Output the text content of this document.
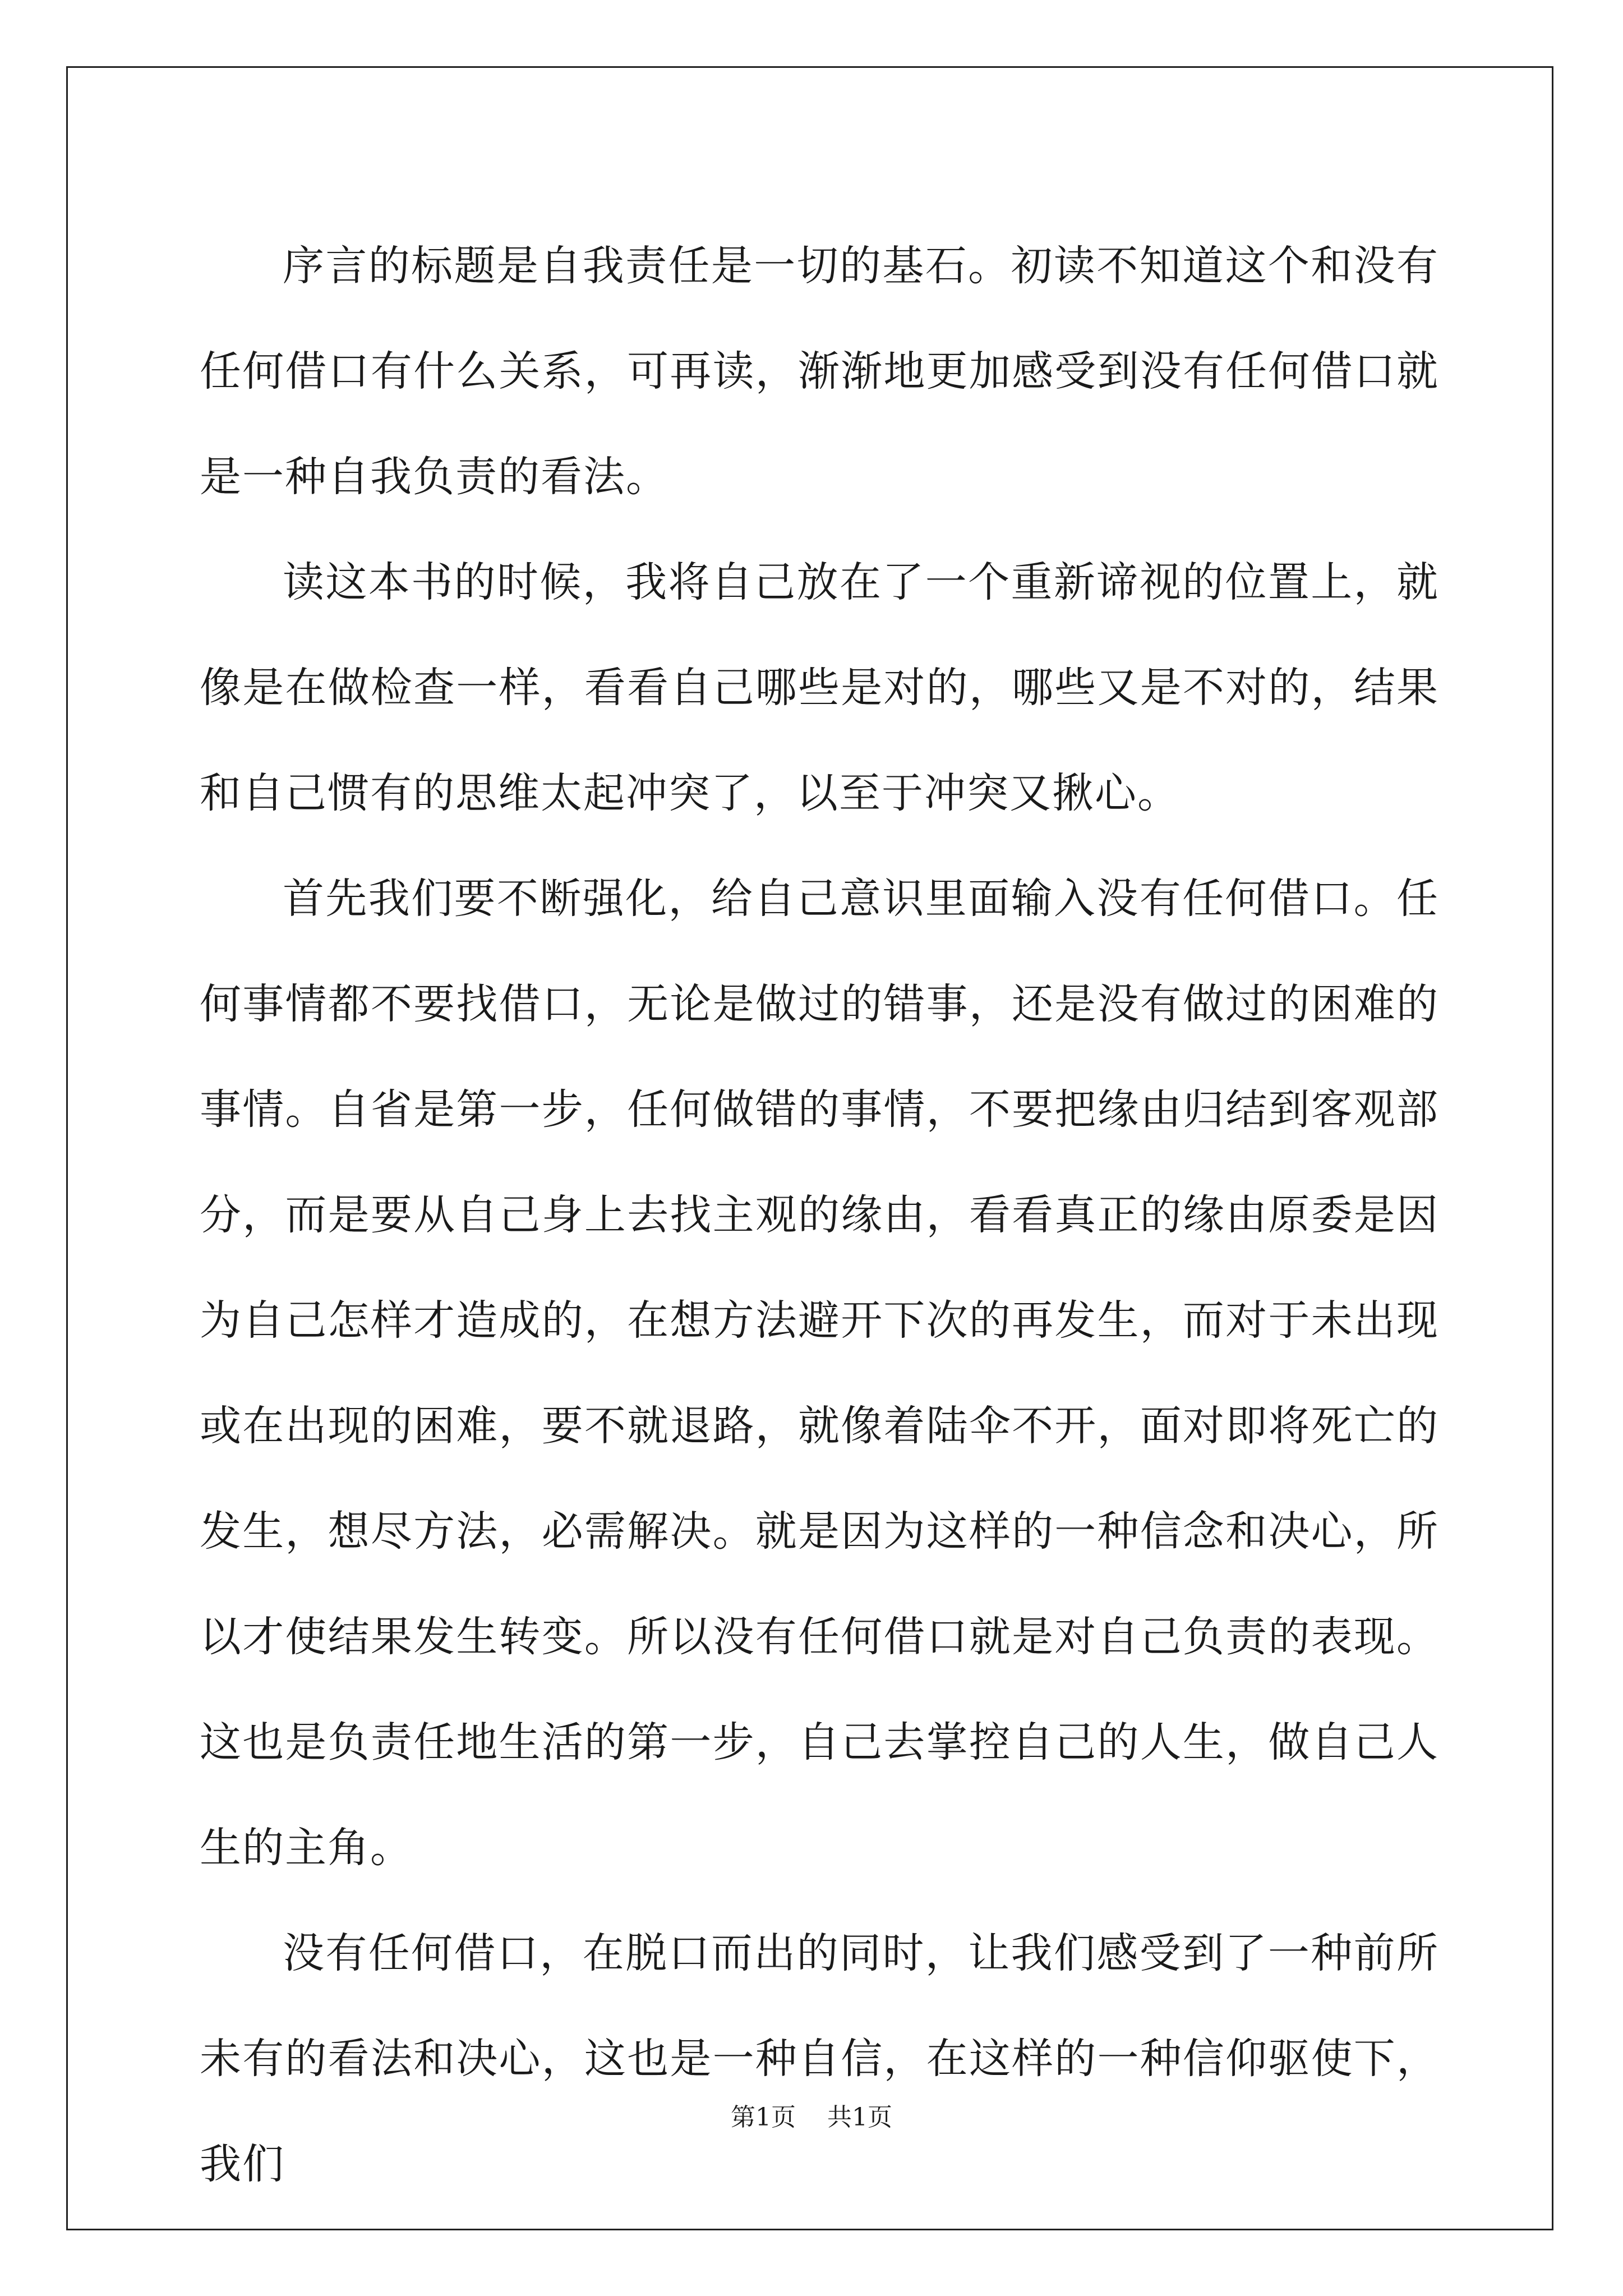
序言的标题是自我责任是一切的基石。初读不知道这个和没有任何借口有什么关系，可再读，渐渐地更加感受到没有任何借口就是一种自我负责的看法。

读这本书的时候，我将自己放在了一个重新谛视的位置上，就像是在做检查一样，看看自己哪些是对的，哪些又是不对的，结果和自己惯有的思维太起冲突了，以至于冲突又揪心。

首先我们要不断强化，给自己意识里面输入没有任何借口。任何事情都不要找借口，无论是做过的错事，还是没有做过的困难的事情。自省是第一步，任何做错的事情，不要把缘由归结到客观部分，而是要从自己身上去找主观的缘由，看看真正的缘由原委是因为自己怎样才造成的，在想方法避开下次的再发生，而对于未出现或在出现的困难，要不就退路，就像着陆伞不开，面对即将死亡的发生，想尽方法，必需解决。就是因为这样的一种信念和决心，所以才使结果发生转变。所以没有任何借口就是对自己负责的表现。这也是负责任地生活的第一步，自己去掌控自己的人生，做自己人生的主角。

没有任何借口，在脱口而出的同时，让我们感受到了一种前所未有的看法和决心，这也是一种自信，在这样的一种信仰驱使下，我们

第1页 共1页
